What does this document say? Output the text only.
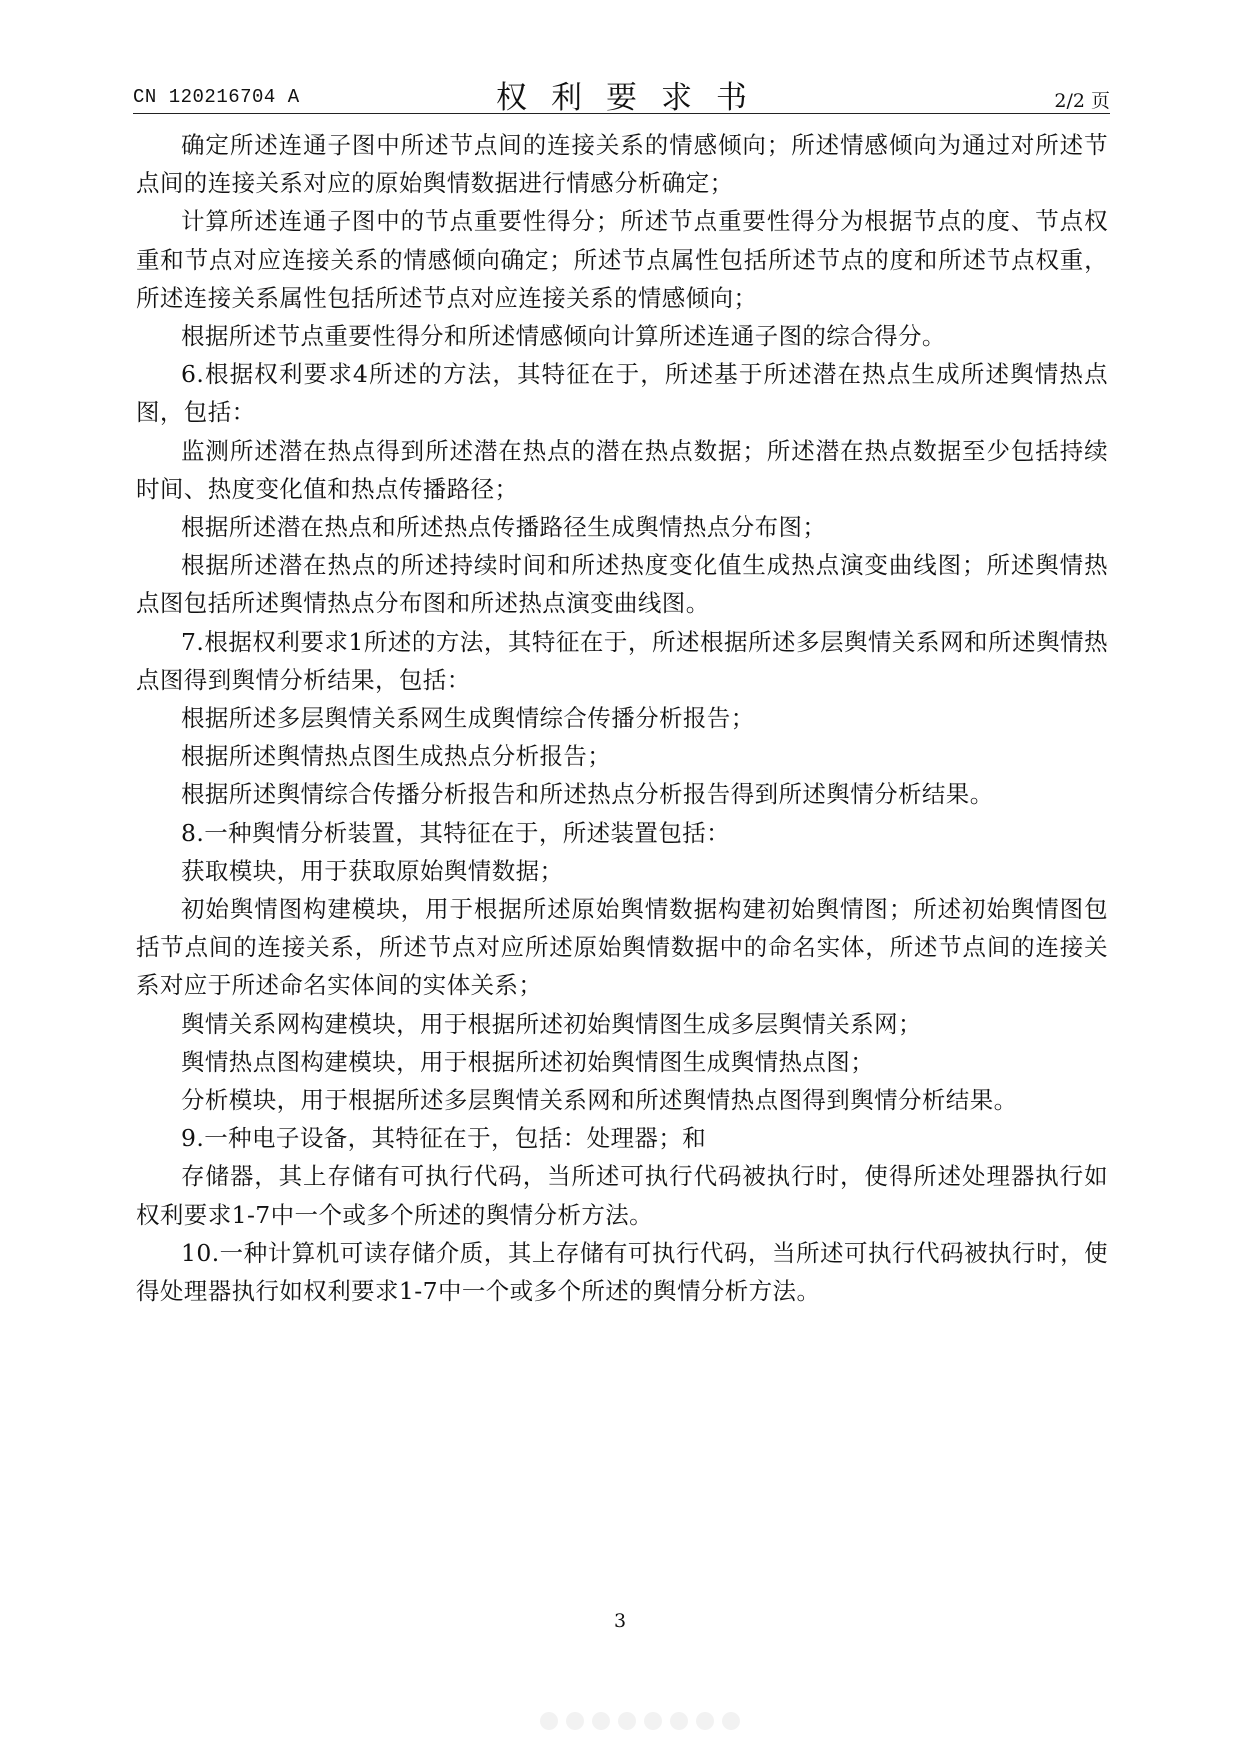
CN 120216704 A	权利要求书	2/2 页

确定所述连通子图中所述节点间的连接关系的情感倾向；所述情感倾向为通过对所述节点间的连接关系对应的原始舆情数据进行情感分析确定；

计算所述连通子图中的节点重要性得分；所述节点重要性得分为根据节点的度、节点权重和节点对应连接关系的情感倾向确定；所述节点属性包括所述节点的度和所述节点权重，所述连接关系属性包括所述节点对应连接关系的情感倾向；

根据所述节点重要性得分和所述情感倾向计算所述连通子图的综合得分。

6.根据权利要求4所述的方法，其特征在于，所述基于所述潜在热点生成所述舆情热点图，包括：

监测所述潜在热点得到所述潜在热点的潜在热点数据；所述潜在热点数据至少包括持续时间、热度变化值和热点传播路径；

根据所述潜在热点和所述热点传播路径生成舆情热点分布图；

根据所述潜在热点的所述持续时间和所述热度变化值生成热点演变曲线图；所述舆情热点图包括所述舆情热点分布图和所述热点演变曲线图。

7.根据权利要求1所述的方法，其特征在于，所述根据所述多层舆情关系网和所述舆情热点图得到舆情分析结果，包括：

根据所述多层舆情关系网生成舆情综合传播分析报告；

根据所述舆情热点图生成热点分析报告；

根据所述舆情综合传播分析报告和所述热点分析报告得到所述舆情分析结果。

8.一种舆情分析装置，其特征在于，所述装置包括：

获取模块，用于获取原始舆情数据；

初始舆情图构建模块，用于根据所述原始舆情数据构建初始舆情图；所述初始舆情图包括节点间的连接关系，所述节点对应所述原始舆情数据中的命名实体，所述节点间的连接关系对应于所述命名实体间的实体关系；

舆情关系网构建模块，用于根据所述初始舆情图生成多层舆情关系网；

舆情热点图构建模块，用于根据所述初始舆情图生成舆情热点图；

分析模块，用于根据所述多层舆情关系网和所述舆情热点图得到舆情分析结果。

9.一种电子设备，其特征在于，包括：处理器；和

存储器，其上存储有可执行代码，当所述可执行代码被执行时，使得所述处理器执行如权利要求1-7中一个或多个所述的舆情分析方法。

10.一种计算机可读存储介质，其上存储有可执行代码，当所述可执行代码被执行时，使得处理器执行如权利要求1-7中一个或多个所述的舆情分析方法。

3
